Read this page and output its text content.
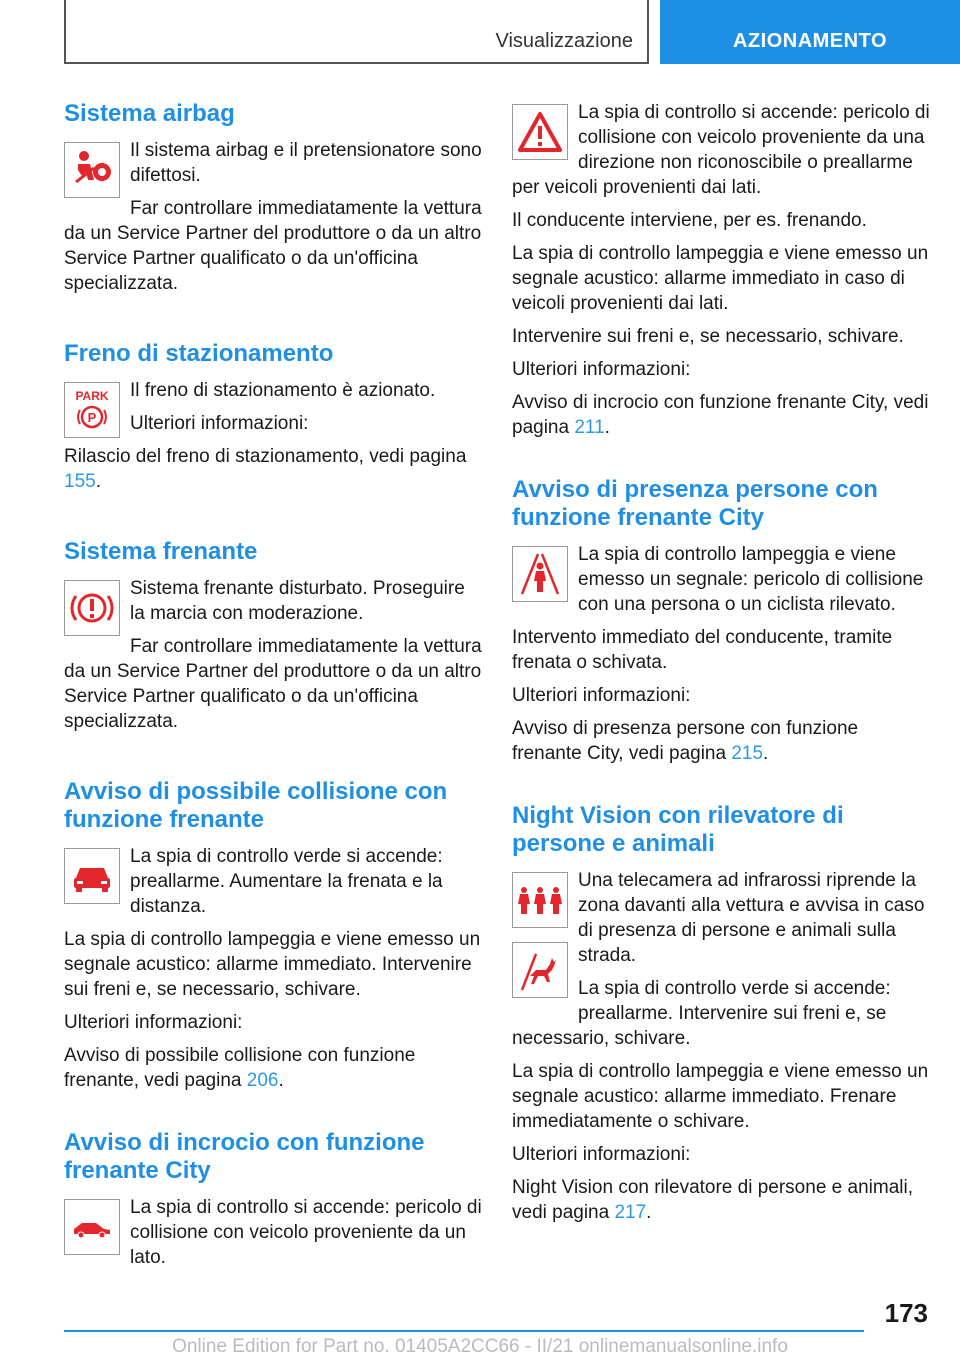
Visualizzazione	AZIONAMENTO
Sistema airbag

Il sistema airbag e il pretensionatore sono difettosi.

Far controllare immediatamente la vettura da un Service Partner del produttore o da un altro Service Partner qualificato o da un'officina specializzata.

Freno di stazionamento
PARK
P

Il freno di stazionamento è azionato.

Ulteriori informazioni:

Rilascio del freno di stazionamento, vedi pagina 155.

Sistema frenante

Sistema frenante disturbato. Proseguire la marcia con moderazione.

Far controllare immediatamente la vettura da un Service Partner del produttore o da un altro Service Partner qualificato o da un'officina specializzata.

Avviso di possibile collisione con funzione frenante

La spia di controllo verde si accende: preallarme. Aumentare la frenata e la distanza.

La spia di controllo lampeggia e viene emesso un segnale acustico: allarme immediato. Intervenire sui freni e, se necessario, schivare.

Ulteriori informazioni:

Avviso di possibile collisione con funzione frenante, vedi pagina 206.

Avviso di incrocio con funzione frenante City

La spia di controllo si accende: pericolo di collisione con veicolo proveniente da un lato.

La spia di controllo si accende: pericolo di collisione con veicolo proveniente da una direzione non riconoscibile o preallarme per veicoli provenienti dai lati.

Il conducente interviene, per es. frenando.

La spia di controllo lampeggia e viene emesso un segnale acustico: allarme immediato in caso di veicoli provenienti dai lati.

Intervenire sui freni e, se necessario, schivare.

Ulteriori informazioni:

Avviso di incrocio con funzione frenante City, vedi pagina 211.

Avviso di presenza persone con funzione frenante City

La spia di controllo lampeggia e viene emesso un segnale: pericolo di collisione con una persona o un ciclista rilevato.

Intervento immediato del conducente, tramite frenata o schivata.

Ulteriori informazioni:

Avviso di presenza persone con funzione frenante City, vedi pagina 215.

Night Vision con rilevatore di persone e animali

Una telecamera ad infrarossi riprende la zona davanti alla vettura e avvisa in caso di presenza di persone e animali sulla strada.

La spia di controllo verde si accende: preallarme. Intervenire sui freni e, se necessario, schivare.

La spia di controllo lampeggia e viene emesso un segnale acustico: allarme immediato. Frenare immediatamente o schivare.

Ulteriori informazioni:

Night Vision con rilevatore di persone e animali, vedi pagina 217.

173
Online Edition for Part no. 01405A2CC66 - II/21 onlinemanualsonline.info
